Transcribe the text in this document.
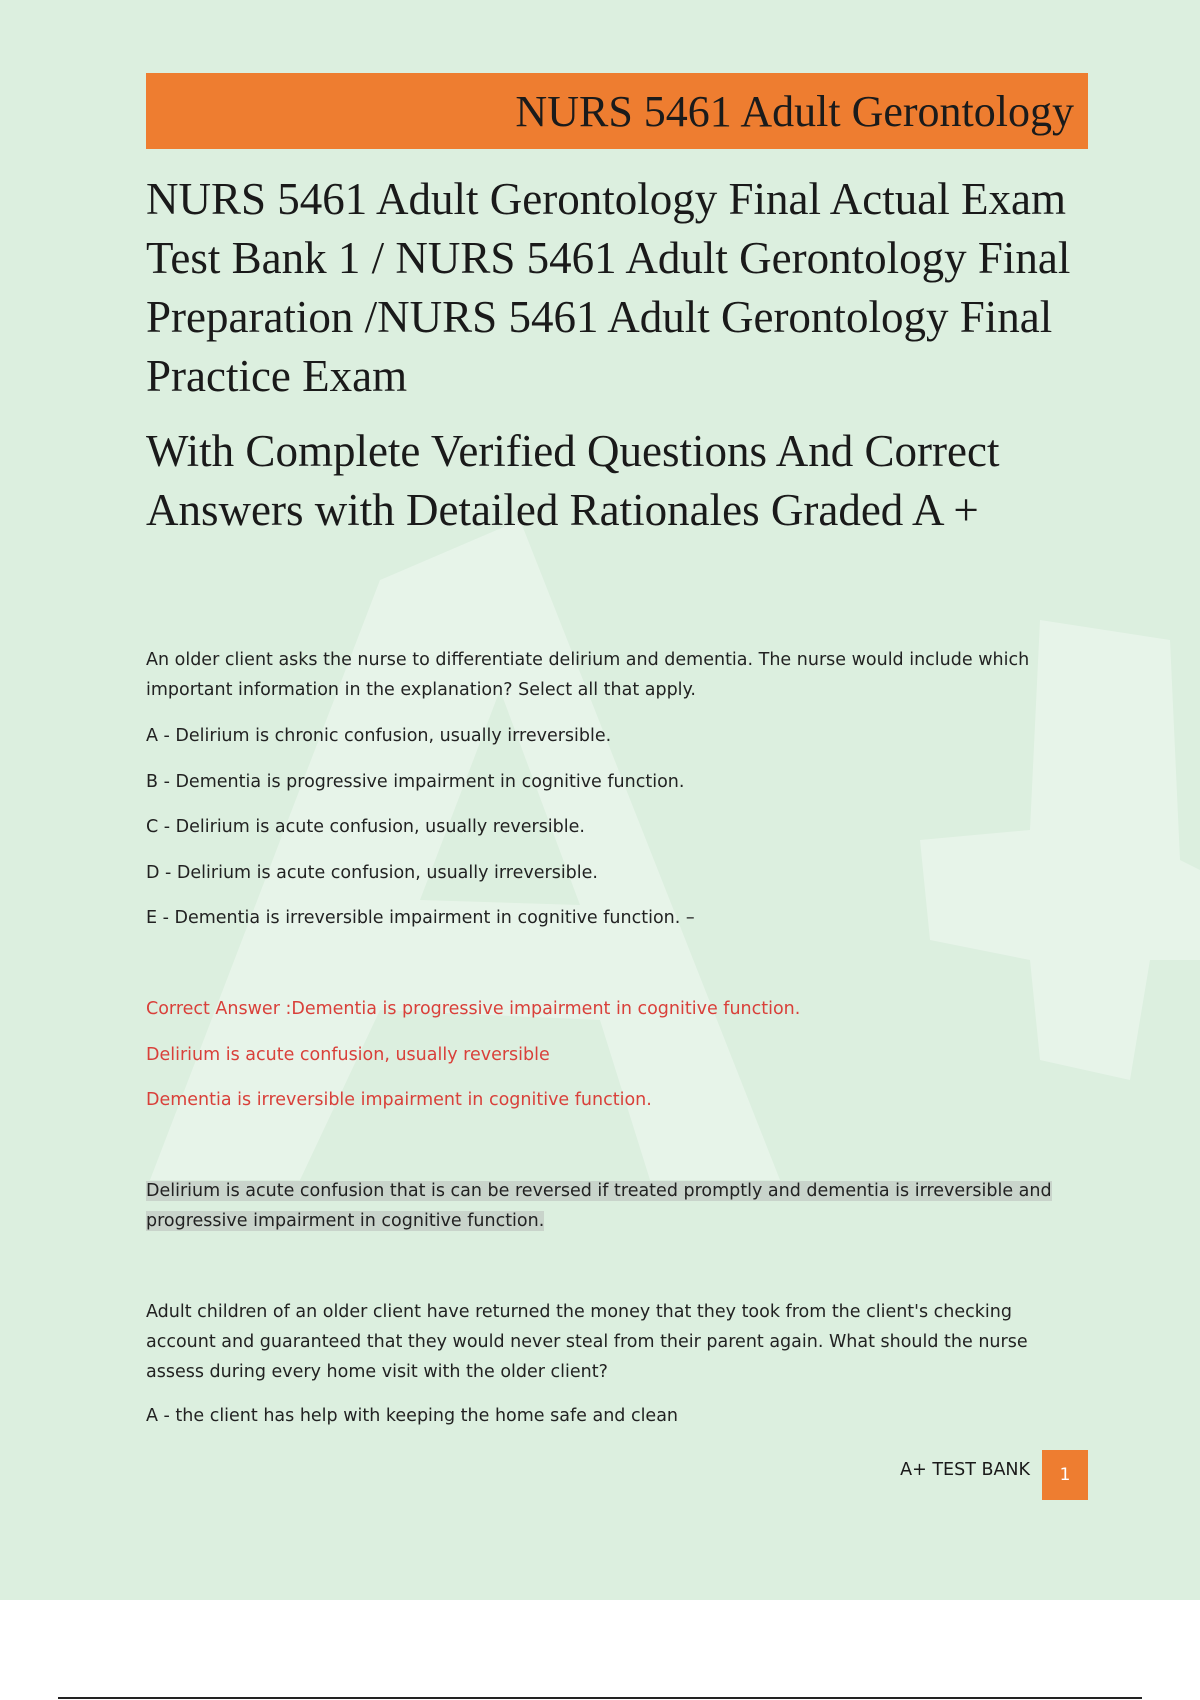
NURS 5461 Adult Gerontology
NURS 5461 Adult Gerontology Final Actual Exam Test Bank 1 / NURS 5461 Adult Gerontology Final Preparation /NURS 5461 Adult Gerontology Final Practice Exam
With Complete Verified Questions And Correct Answers with Detailed Rationales Graded A +

An older client asks the nurse to differentiate delirium and dementia. The nurse would include which important information in the explanation? Select all that apply.

A - Delirium is chronic confusion, usually irreversible.

B - Dementia is progressive impairment in cognitive function.

C - Delirium is acute confusion, usually reversible.

D - Delirium is acute confusion, usually irreversible.

E - Dementia is irreversible impairment in cognitive function. –

Correct Answer :Dementia is progressive impairment in cognitive function.

Delirium is acute confusion, usually reversible

Dementia is irreversible impairment in cognitive function.

Delirium is acute confusion that is can be reversed if treated promptly and dementia is irreversible and progressive impairment in cognitive function.

Adult children of an older client have returned the money that they took from the client's checking account and guaranteed that they would never steal from their parent again. What should the nurse assess during every home visit with the older client?

A - the client has help with keeping the home safe and clean

A+ TEST BANK	1
